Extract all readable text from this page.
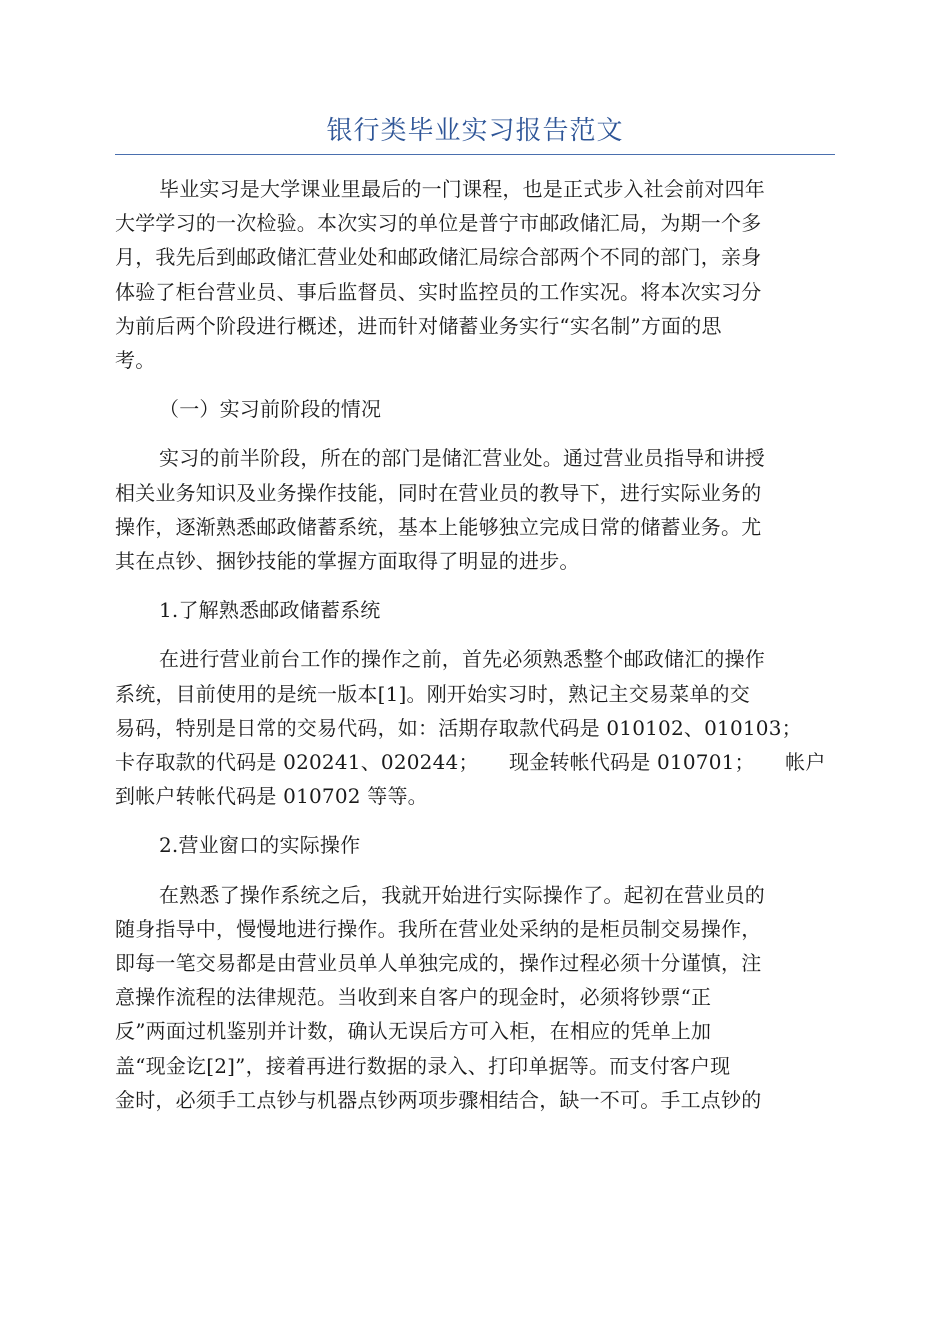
银行类毕业实习报告范文

毕业实习是大学课业里最后的一门课程，也是正式步入社会前对四年
大学学习的一次检验。本次实习的单位是普宁市邮政储汇局，为期一个多
月，我先后到邮政储汇营业处和邮政储汇局综合部两个不同的部门，亲身
体验了柜台营业员、事后监督员、实时监控员的工作实况。将本次实习分
为前后两个阶段进行概述，进而针对储蓄业务实行“实名制”方面的思
考。

（一）实习前阶段的情况

实习的前半阶段，所在的部门是储汇营业处。通过营业员指导和讲授
相关业务知识及业务操作技能，同时在营业员的教导下，进行实际业务的
操作，逐渐熟悉邮政储蓄系统，基本上能够独立完成日常的储蓄业务。尤
其在点钞、捆钞技能的掌握方面取得了明显的进步。

1.了解熟悉邮政储蓄系统

在进行营业前台工作的操作之前，首先必须熟悉整个邮政储汇的操作
系统，目前使用的是统一版本[1]。刚开始实习时，熟记主交易菜单的交
易码，特别是日常的交易代码，如：活期存取款代码是 010102、010103；
卡存取款的代码是 020241、020244；　　现金转帐代码是 010701；　　帐户
到帐户转帐代码是 010702 等等。

2.营业窗口的实际操作

在熟悉了操作系统之后，我就开始进行实际操作了。起初在营业员的
随身指导中，慢慢地进行操作。我所在营业处采纳的是柜员制交易操作，
即每一笔交易都是由营业员单人单独完成的，操作过程必须十分谨慎，注
意操作流程的法律规范。当收到来自客户的现金时，必须将钞票“正
反”两面过机鉴别并计数，确认无误后方可入柜，在相应的凭单上加
盖“现金讫[2]”，接着再进行数据的录入、打印单据等。而支付客户现
金时，必须手工点钞与机器点钞两项步骤相结合，缺一不可。手工点钞的
